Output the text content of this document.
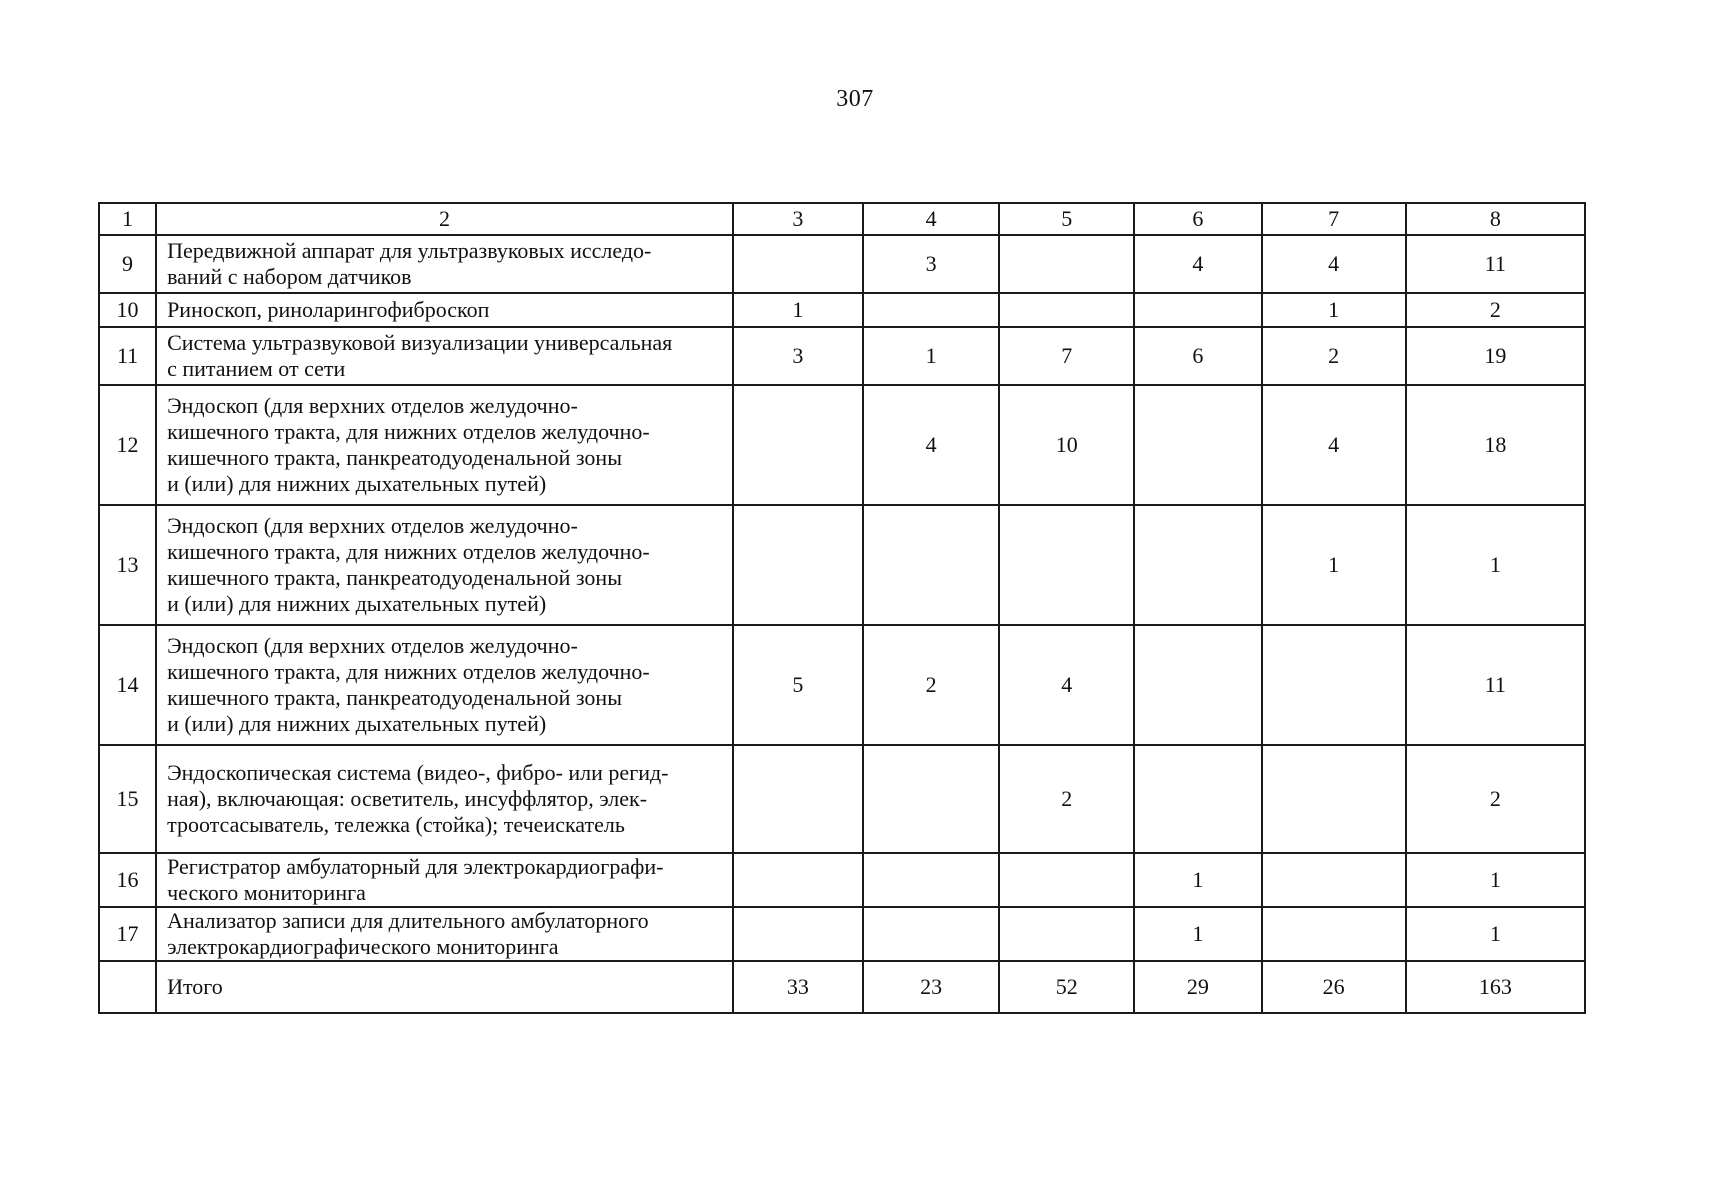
307
1	2	3	4	5	6	7	8
9	Передвижной аппарат для ультразвуковых исследо-
ваний с набором датчиков		3		4	4	11
10	Риноскоп, риноларингофиброскоп	1				1	2
11	Система ультразвуковой визуализации универсальная
с питанием от сети	3	1	7	6	2	19
12	Эндоскоп (для верхних отделов желудочно-
кишечного тракта, для нижних отделов желудочно-
кишечного тракта, панкреатодуоденальной зоны
и (или) для нижних дыхательных путей)		4	10		4	18
13	Эндоскоп (для верхних отделов желудочно-
кишечного тракта, для нижних отделов желудочно-
кишечного тракта, панкреатодуоденальной зоны
и (или) для нижних дыхательных путей)					1	1
14	Эндоскоп (для верхних отделов желудочно-
кишечного тракта, для нижних отделов желудочно-
кишечного тракта, панкреатодуоденальной зоны
и (или) для нижних дыхательных путей)	5	2	4			11
15	Эндоскопическая система (видео-, фибро- или регид-
ная), включающая: осветитель, инсуффлятор, элек-
троотсасыватель, тележка (стойка); течеискатель			2			2
16	Регистратор амбулаторный для электрокардиографи-
ческого мониторинга				1		1
17	Анализатор записи для длительного амбулаторного
электрокардиографического мониторинга				1		1

	Итого	33	23	52	29	26	163
